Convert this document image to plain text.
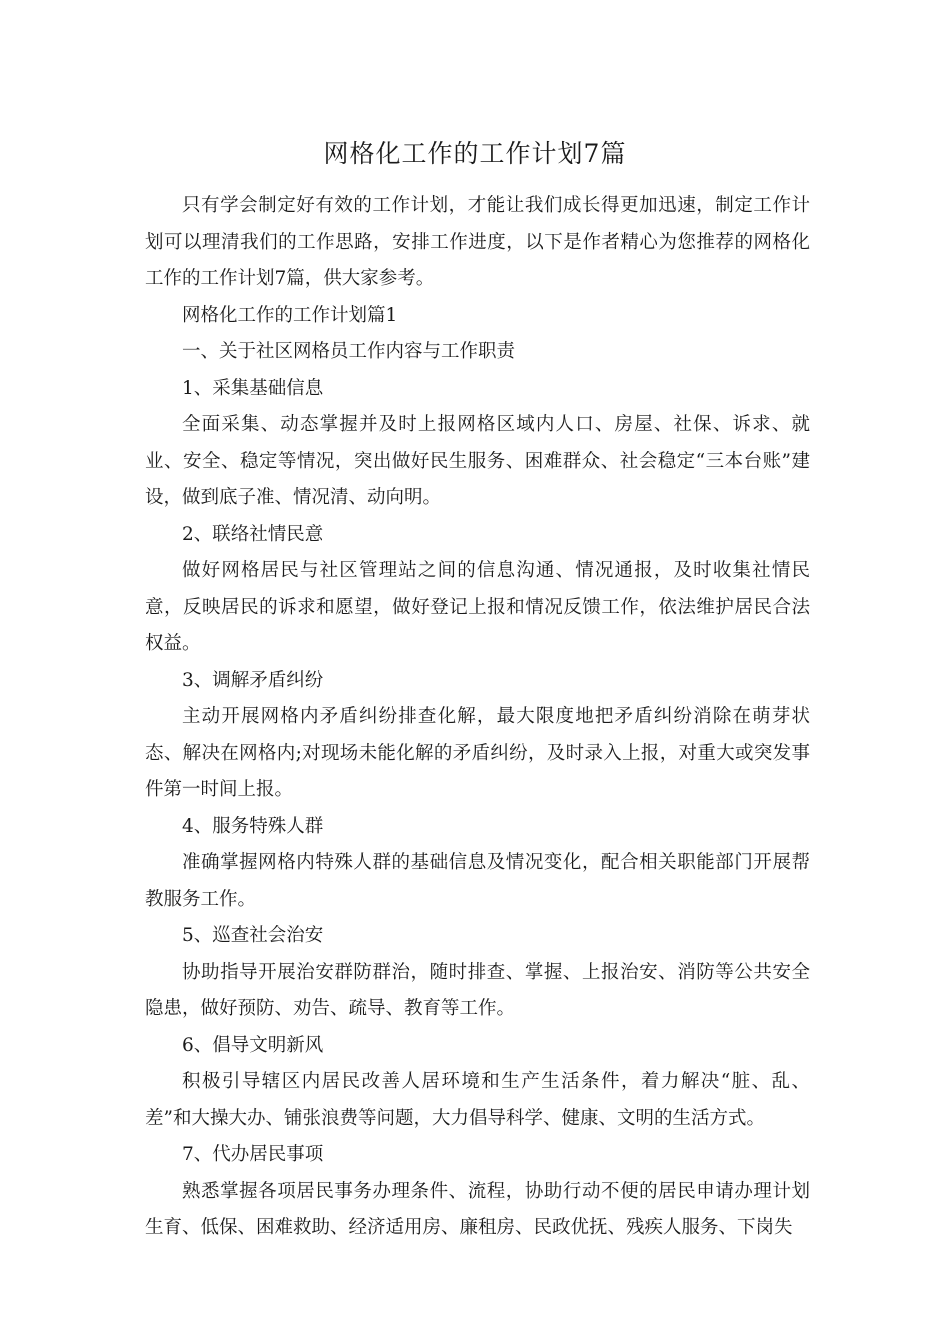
网格化工作的工作计划7篇

只有学会制定好有效的工作计划，才能让我们成长得更加迅速，制定工作计划可以理清我们的工作思路，安排工作进度，以下是作者精心为您推荐的网格化工作的工作计划7篇，供大家参考。

网格化工作的工作计划篇1

一、关于社区网格员工作内容与工作职责

1、采集基础信息

全面采集、动态掌握并及时上报网格区域内人口、房屋、社保、诉求、就业、安全、稳定等情况，突出做好民生服务、困难群众、社会稳定“三本台账”建设，做到底子准、情况清、动向明。

2、联络社情民意

做好网格居民与社区管理站之间的信息沟通、情况通报，及时收集社情民意，反映居民的诉求和愿望，做好登记上报和情况反馈工作，依法维护居民合法权益。

3、调解矛盾纠纷

主动开展网格内矛盾纠纷排查化解，最大限度地把矛盾纠纷消除在萌芽状态、解决在网格内;对现场未能化解的矛盾纠纷，及时录入上报，对重大或突发事件第一时间上报。

4、服务特殊人群

准确掌握网格内特殊人群的基础信息及情况变化，配合相关职能部门开展帮教服务工作。

5、巡查社会治安

协助指导开展治安群防群治，随时排查、掌握、上报治安、消防等公共安全隐患，做好预防、劝告、疏导、教育等工作。

6、倡导文明新风

积极引导辖区内居民改善人居环境和生产生活条件，着力解决“脏、乱、差”和大操大办、铺张浪费等问题，大力倡导科学、健康、文明的生活方式。

7、代办居民事项

熟悉掌握各项居民事务办理条件、流程，协助行动不便的居民申请办理计划生育、低保、困难救助、经济适用房、廉租房、民政优抚、残疾人服务、下岗失
